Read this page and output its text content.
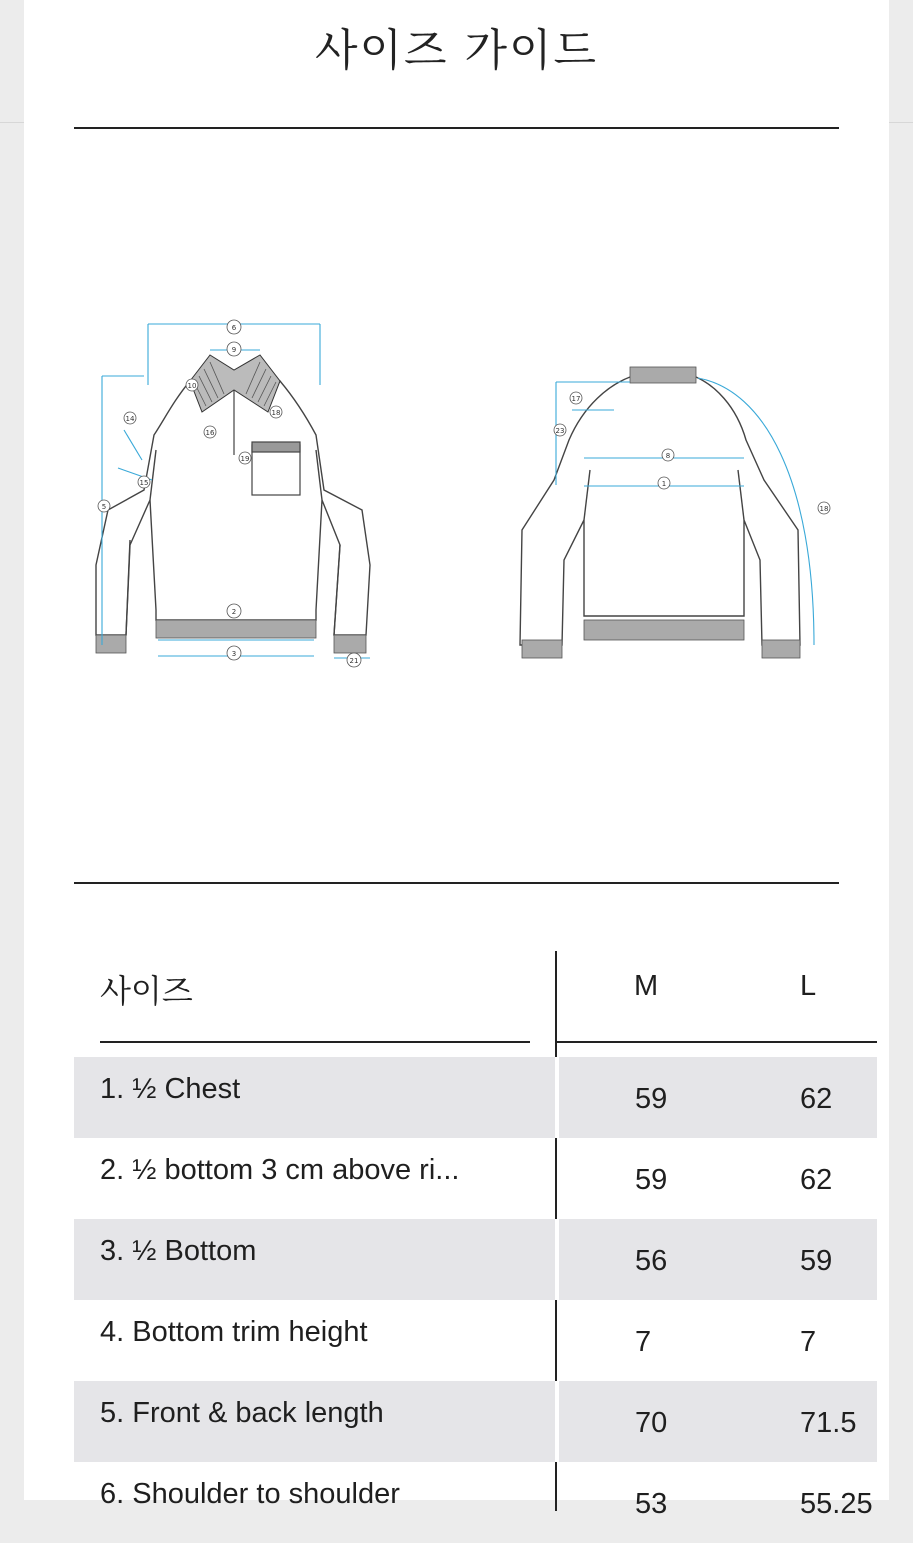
사이즈 가이드
6
9
10
16
18
14
15
5
19
2
3
21
17
23
8
1
18
사이즈	M	L
1. ½ Chest	59	62
2. ½ bottom 3 cm above ri...	59	62
3. ½ Bottom	56	59
4. Bottom trim height	7	7
5. Front & back length	70	71.5
6. Shoulder to shoulder	53	55.25
